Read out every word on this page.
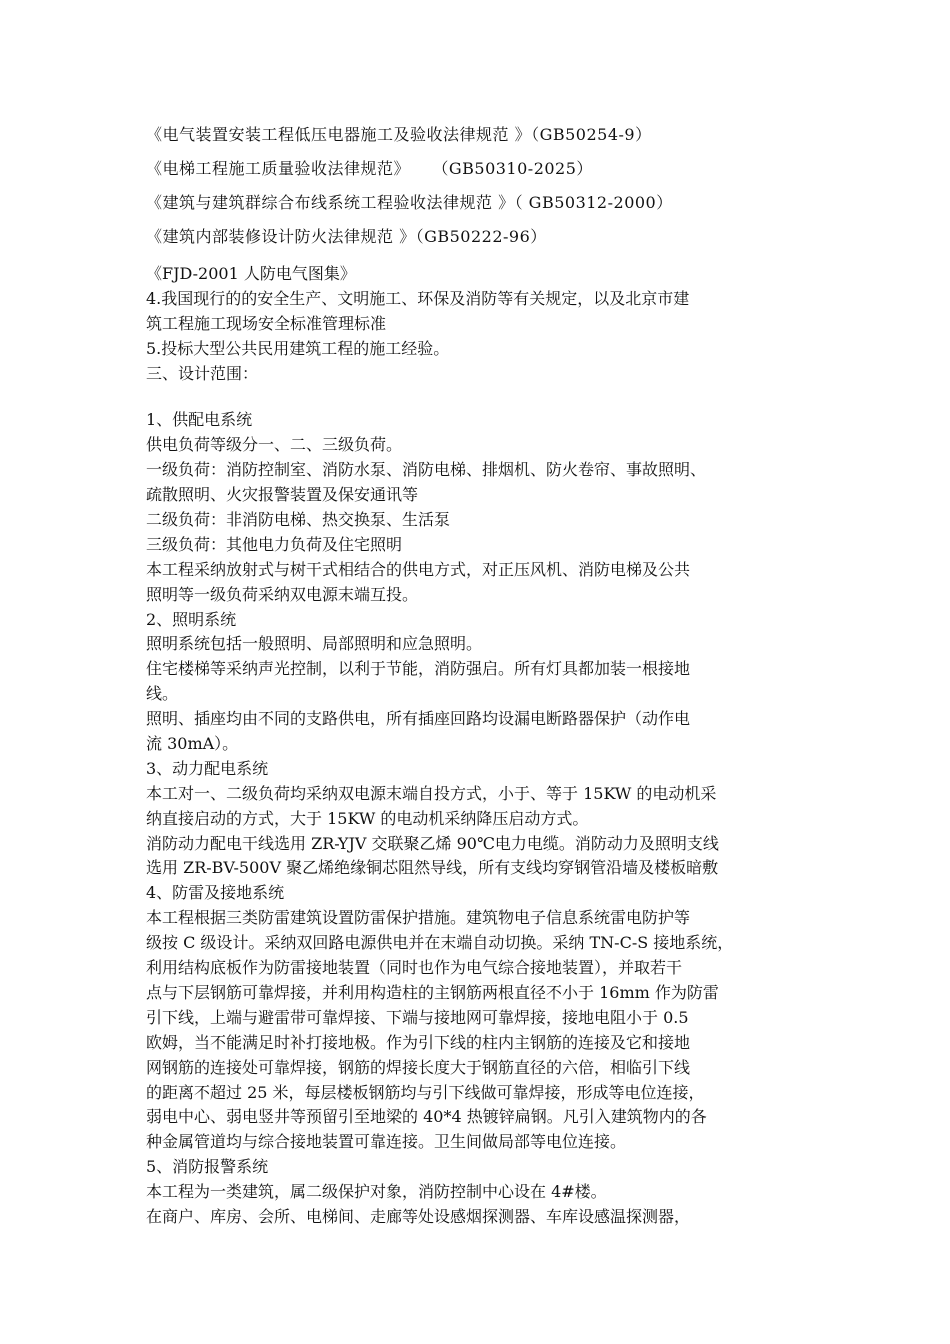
《电气装置安装工程低压电器施工及验收法律规范 》（GB50254-9）
《电梯工程施工质量验收法律规范》    （GB50310-2025）
《建筑与建筑群综合布线系统工程验收法律规范 》（ GB50312-2000）
《建筑内部装修设计防火法律规范 》（GB50222-96）
《FJD-2001 人防电气图集》
4.我国现行的的安全生产、文明施工、环保及消防等有关规定，以及北京市建
筑工程施工现场安全标准管理标准
5.投标大型公共民用建筑工程的施工经验。
三、设计范围：
1、供配电系统
供电负荷等级分一、二、三级负荷。
一级负荷：消防控制室、消防水泵、消防电梯、排烟机、防火卷帘、事故照明、
疏散照明、火灾报警装置及保安通讯等
二级负荷：非消防电梯、热交换泵、生活泵
三级负荷：其他电力负荷及住宅照明
本工程采纳放射式与树干式相结合的供电方式，对正压风机、消防电梯及公共
照明等一级负荷采纳双电源末端互投。
2、照明系统
照明系统包括一般照明、局部照明和应急照明。
住宅楼梯等采纳声光控制，以利于节能，消防强启。所有灯具都加装一根接地
线。
照明、插座均由不同的支路供电，所有插座回路均设漏电断路器保护（动作电
流 30mA）。
3、动力配电系统
本工对一、二级负荷均采纳双电源末端自投方式，小于、等于 15KW 的电动机采
纳直接启动的方式，大于 15KW 的电动机采纳降压启动方式。
消防动力配电干线选用 ZR-YJV 交联聚乙烯 90℃电力电缆。消防动力及照明支线
选用 ZR-BV-500V 聚乙烯绝缘铜芯阻然导线，所有支线均穿钢管沿墙及楼板暗敷
4、防雷及接地系统
本工程根据三类防雷建筑设置防雷保护措施。建筑物电子信息系统雷电防护等
级按 C 级设计。采纳双回路电源供电并在末端自动切换。采纳 TN-C-S 接地系统，
利用结构底板作为防雷接地装置（同时也作为电气综合接地装置），并取若干
点与下层钢筋可靠焊接，并利用构造柱的主钢筋两根直径不小于 16mm 作为防雷
引下线，上端与避雷带可靠焊接、下端与接地网可靠焊接，接地电阻小于 0.5
欧姆，当不能满足时补打接地极。作为引下线的柱内主钢筋的连接及它和接地
网钢筋的连接处可靠焊接，钢筋的焊接长度大于钢筋直径的六倍，相临引下线
的距离不超过 25 米，每层楼板钢筋均与引下线做可靠焊接，形成等电位连接，
弱电中心、弱电竖井等预留引至地梁的 40*4 热镀锌扁钢。凡引入建筑物内的各
种金属管道均与综合接地装置可靠连接。卫生间做局部等电位连接。
5、消防报警系统
本工程为一类建筑，属二级保护对象，消防控制中心设在 4#楼。
在商户、库房、会所、电梯间、走廊等处设感烟探测器、车库设感温探测器，
